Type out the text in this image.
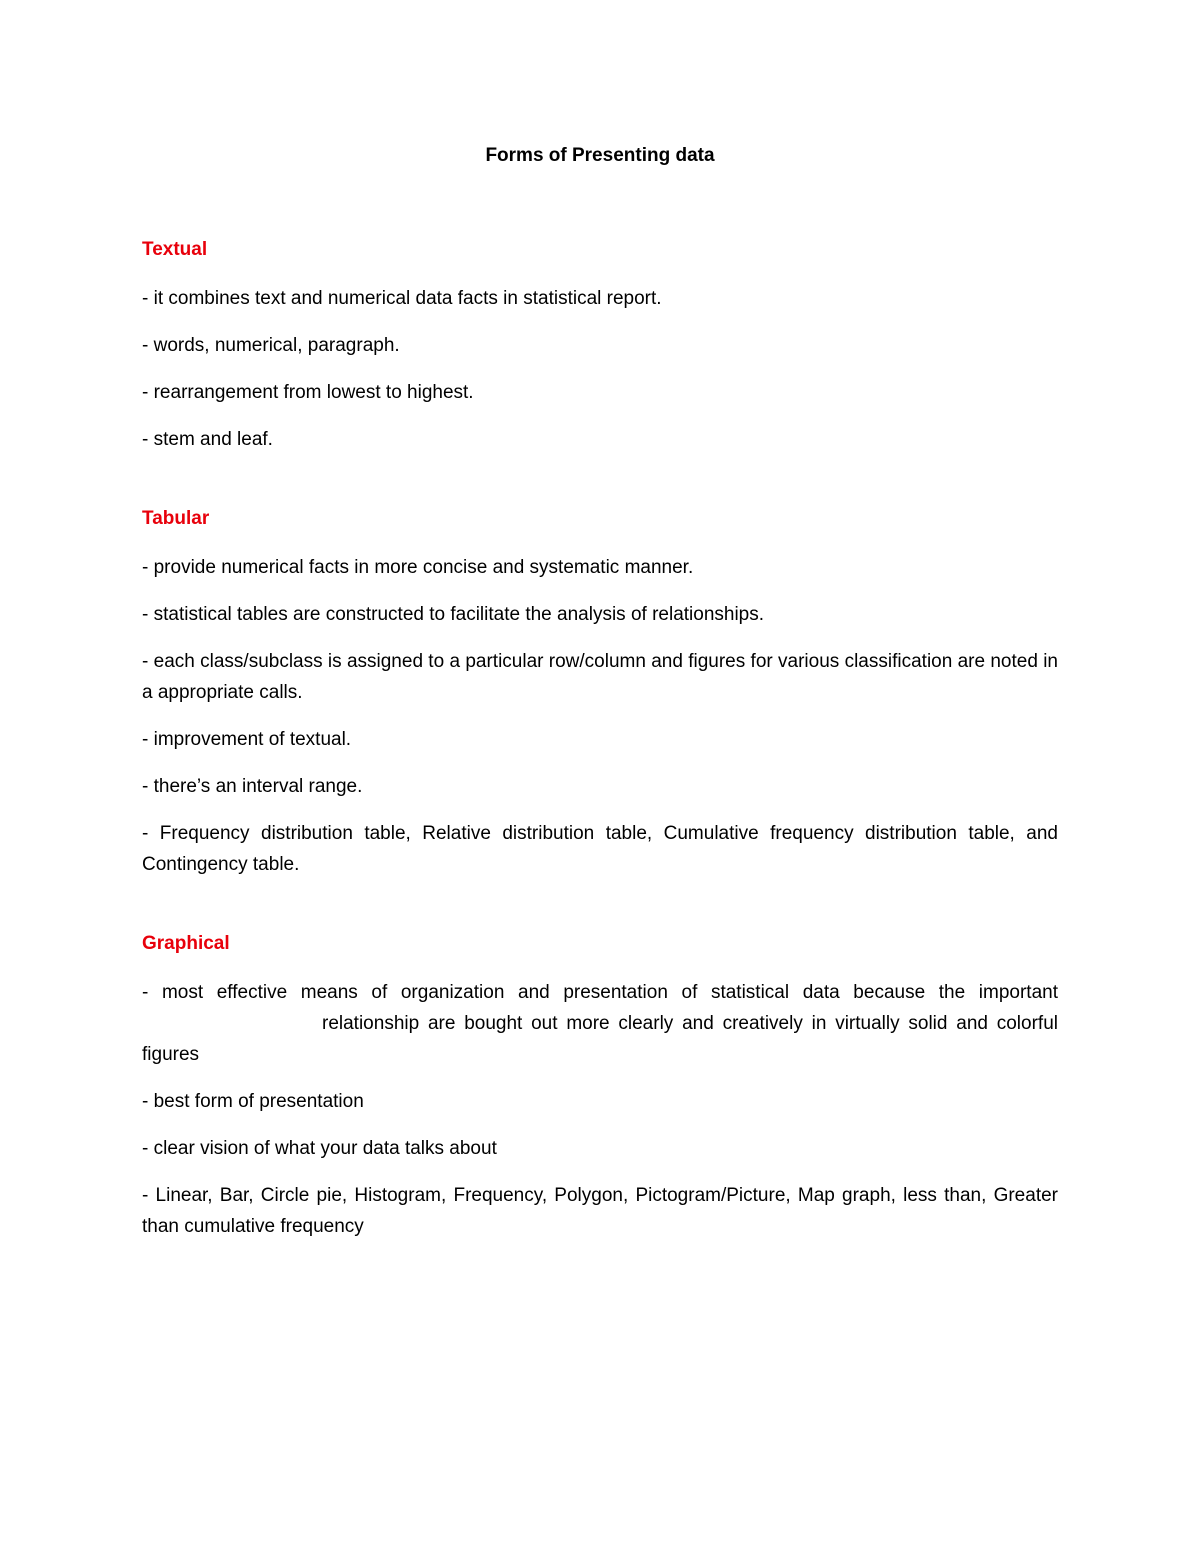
Forms of Presenting data
Textual
- it combines text and numerical data facts in statistical report.
- words, numerical, paragraph.
- rearrangement from lowest to highest.
- stem and leaf.
Tabular
- provide numerical facts in more concise and systematic manner.
- statistical tables are constructed to facilitate the analysis of relationships.
- each class/subclass is assigned to a particular row/column and figures for various classification are noted in a appropriate calls.
- improvement of textual.
- there’s an interval range.
- Frequency distribution table, Relative distribution table, Cumulative frequency distribution table, and Contingency table.
Graphical
- most effective means of organization and presentation of statistical data because the importantrelationship are bought out more clearly and creatively in virtually solid and colorful figures
- best form of presentation
- clear vision of what your data talks about
- Linear, Bar, Circle pie, Histogram, Frequency, Polygon, Pictogram/Picture, Map graph, less than, Greater than cumulative frequency
